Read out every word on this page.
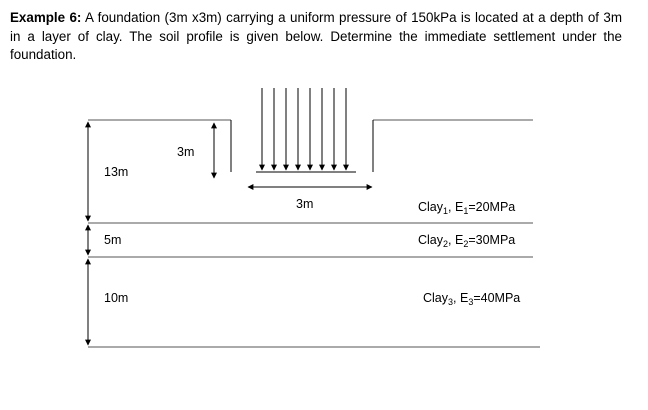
Example 6: A foundation (3m x3m) carrying a uniform pressure of 150kPa is located at a depth of 3m in a layer of clay. The soil profile is given below. Determine the immediate settlement under the foundation.
3m
3m
13m
5m
10m
Clay$_1$, $E_1=20MPa$
Clay$_2$, $E_2=30MPa$
Clay$_3$, $E_3=40MPa$
